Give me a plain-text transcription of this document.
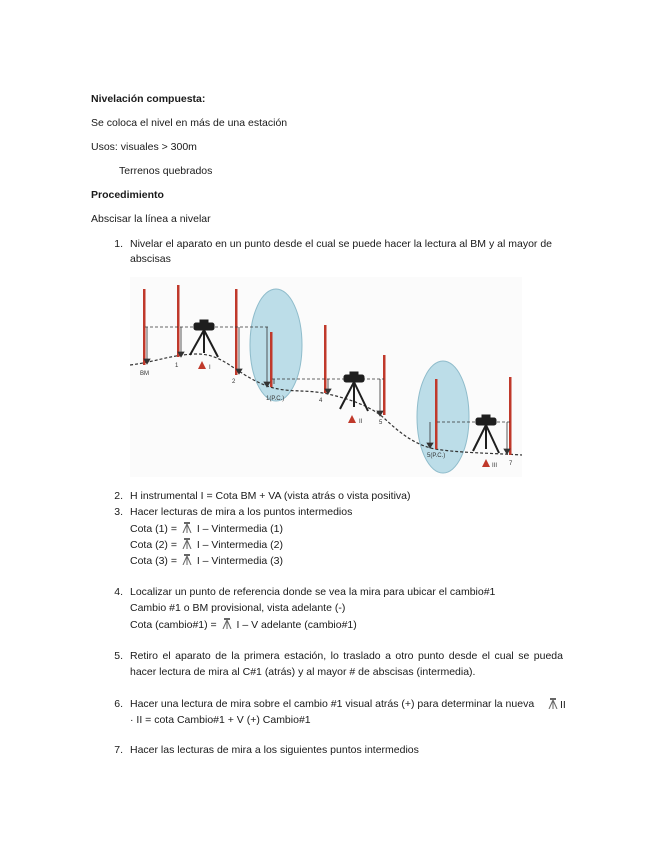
Nivelación compuesta:
Se coloca el nivel en más de una estación
Usos: visuales > 300m
Terrenos quebrados
Procedimiento
Abscisar la línea a nivelar
1. Nivelar el aparato en un punto desde el cual se puede hacer la lectura al BM y al mayor de
abscisas
BM
1
2
1(P.C.)	4
5
5(P.C.)
7
I
II
III
2. H instrumental I = Cota BM + VA (vista atrás o vista positiva)
3. Hacer lecturas de mira a los puntos intermedios
Cota (1) = I – Vintermedia (1)
Cota (2) = I – Vintermedia (2)
Cota (3) = I – Vintermedia (3)
4. Localizar un punto de referencia donde se vea la mira para ubicar el cambio#1
Cambio #1 o BM provisional, vista adelante (-)
Cota (cambio#1) = I – V adelante (cambio#1)
5. Retiro el aparato de la primera estación, lo traslado a otro punto desde el cual se pueda
hacer lectura de mira al C#1 (atrás) y al mayor # de abscisas (intermedia).
6. Hacer una lectura de mira sobre el cambio #1 visual atrás (+) para determinar la nueva	II
· II = cota Cambio#1 + V (+) Cambio#1
7. Hacer las lecturas de mira a los siguientes puntos intermedios
